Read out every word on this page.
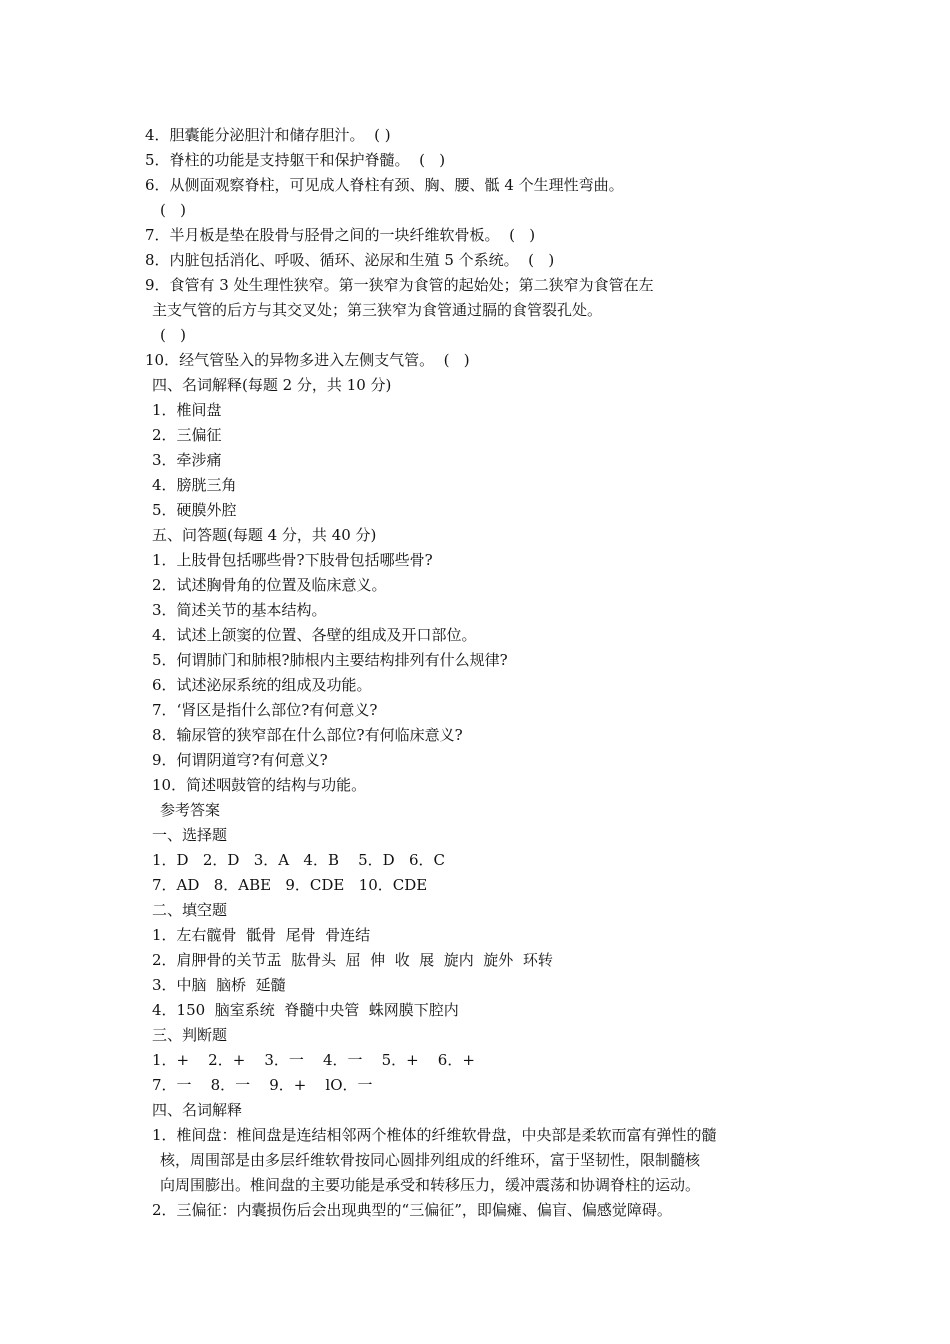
4．胆囊能分泌胆汁和储存胆汁。  ( )
5．脊柱的功能是支持躯干和保护脊髓。  (   )
6．从侧面观察脊柱，可见成人脊柱有颈、胸、腰、骶 4 个生理性弯曲。
(   )
7．半月板是垫在股骨与胫骨之间的一块纤维软骨板。  (   )
8．内脏包括消化、呼吸、循环、泌尿和生殖 5 个系统。  (   )
9．食管有 3 处生理性狭窄。第一狭窄为食管的起始处；第二狭窄为食管在左
主支气管的后方与其交叉处；第三狭窄为食管通过膈的食管裂孔处。
(   )
10．经气管坠入的异物多进入左侧支气管。  (   )
四、名词解释(每题 2 分，共 10 分)
1．椎间盘
2．三偏征
3．牵涉痛
4．膀胱三角
5．硬膜外腔
五、问答题(每题 4 分，共 40 分)
1．上肢骨包括哪些骨?下肢骨包括哪些骨?
2．试述胸骨角的位置及临床意义。
3．简述关节的基本结构。
4．试述上颌窦的位置、各壁的组成及开口部位。
5．何谓肺门和肺根?肺根内主要结构排列有什么规律?
6．试述泌尿系统的组成及功能。
7．‘肾区是指什么部位?有何意义?
8．输尿管的狭窄部在什么部位?有何临床意义?
9．何谓阴道穹?有何意义?
10．简述咽鼓管的结构与功能。
参考答案
一、选择题
1．D   2．D   3．A   4．B    5．D   6．C
7．AD   8．ABE   9．CDE   10．CDE
二、填空题
1．左右髋骨  骶骨  尾骨  骨连结
2．肩胛骨的关节盂  肱骨头  屈  伸  收  展  旋内  旋外  环转
3．中脑  脑桥  延髓
4．150  脑室系统  脊髓中央管  蛛网膜下腔内
三、判断题
1．+    2．+    3．一    4．一    5．+    6．+
7．一    8．一    9．+    lO．一
四、名词解释
1．椎间盘：椎间盘是连结相邻两个椎体的纤维软骨盘，中央部是柔软而富有弹性的髓
核，周围部是由多层纤维软骨按同心圆排列组成的纤维环，富于坚韧性，限制髓核
向周围膨出。椎间盘的主要功能是承受和转移压力，缓冲震荡和协调脊柱的运动。
2．三偏征：内囊损伤后会出现典型的“三偏征”，即偏瘫、偏盲、偏感觉障碍。
